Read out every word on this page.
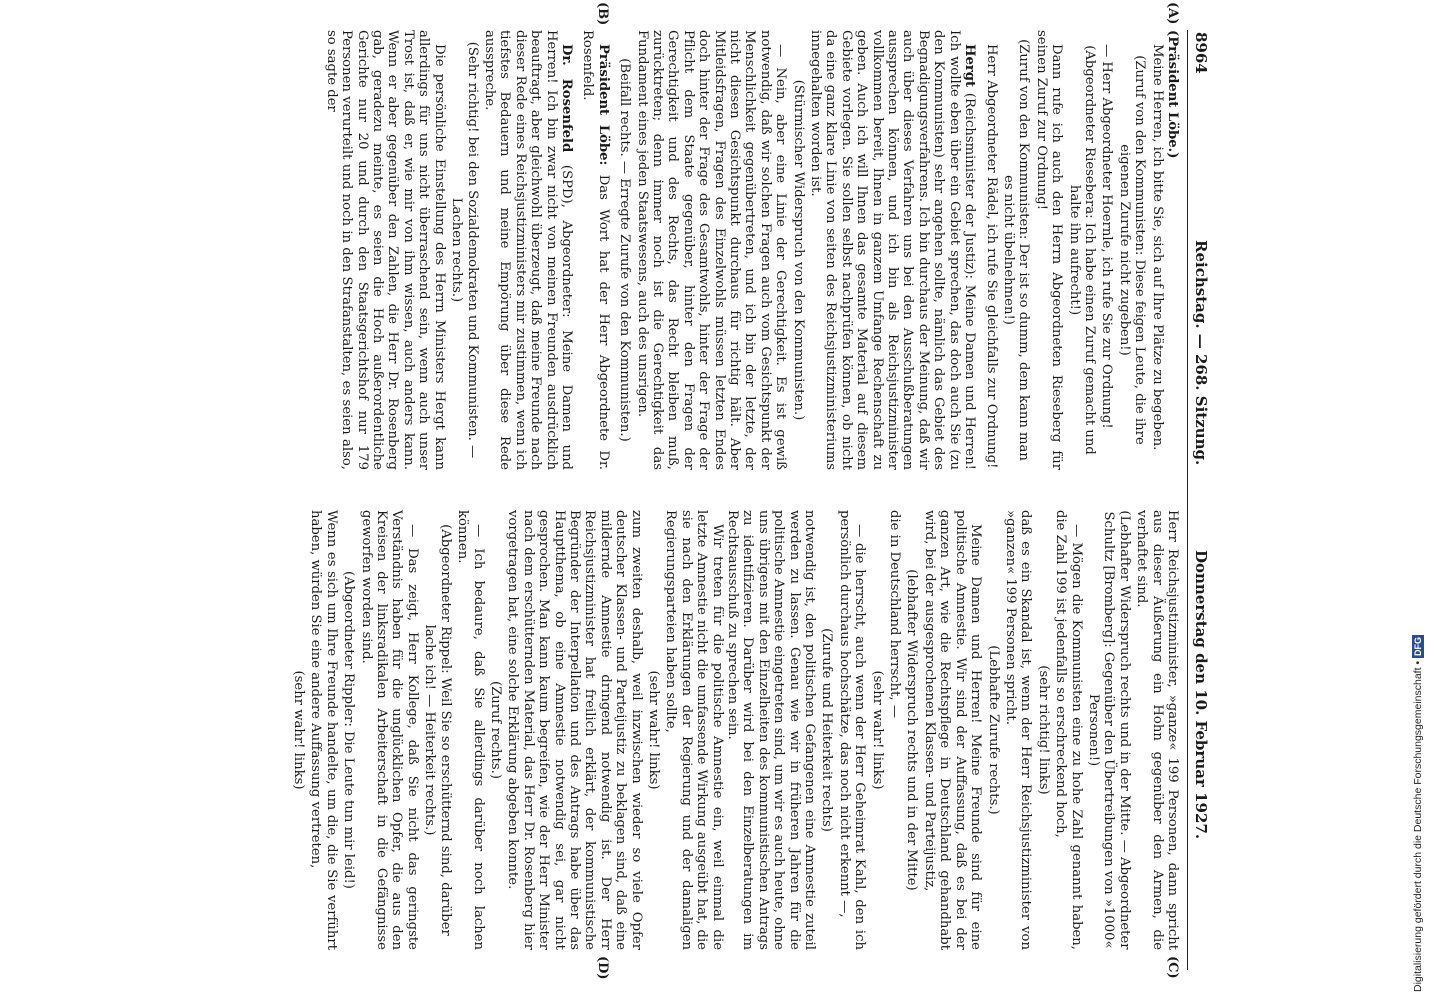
8964
Reichstag. — 268. Sitzung.
Donnerstag den 10. Februar 1927.
(A)
(B)
(C)
(D)

(Präsident Löbe.)

Meine Herren, ich bitte Sie, sich auf Ihre Plätze zu begeben.

(Zuruf von den Kommunisten: Diese feigen Leute, die ihre eigenen Zurufe nicht zugeben!)

— Herr Abgeordneter Hoernle, ich rufe Sie zur Ordnung!

(Abgeordneter Riesebera: Ich habe einen Zuruf gemacht und halte ihn aufrecht!)

Dann rufe ich auch den Herrn Abgeordneten Rieseberg für seinen Zuruf zur Ordnung!

(Zuruf von den Kommunisten: Der ist so dumm, dem kann man es nicht übelnehmen!)

Herr Abgeordneter Rädel, ich rufe Sie gleichfalls zur Ordnung!

Hergt (Reichsminister der Justiz): Meine Damen und Herren! Ich wollte eben über ein Gebiet sprechen, das doch auch Sie (zu den Kommunisten) sehr angehen sollte, nämlich das Gebiet des Begnadigungsverfahrens. Ich bin durchaus der Meinung, daß wir auch über dieses Verfahren uns bei den Ausschußberatungen aussprechen können, und ich bin als Reichsjustizminister vollkommen bereit, Ihnen in ganzem Umfange Rechenschaft zu geben. Auch ich will Ihnen das gesamte Material auf diesem Gebiete vorlegen. Sie sollen selbst nachprüfen können, ob nicht da eine ganz klare Linie von seiten des Reichsjustizministeriums innegehalten worden ist.

(Stürmischer Widerspruch von den Kommunisten.)

— Nein, aber eine Linie der Gerechtigkeit. Es ist gewiß notwendig, daß wir solchen Fragen auch vom Gesichtspunkt der Menschlichkeit gegenübertreten, und ich bin der letzte, der nicht diesen Gesichtspunkt durchaus für richtig hält. Aber Mitleidsfragen, Fragen des Einzelwohls müssen letzten Endes doch hinter der Frage des Gesamtwohls, hinter der Frage der Pflicht dem Staate gegenüber, hinter den Fragen der Gerechtigkeit und des Rechts, das Recht bleiben muß, zurücktreten; denn immer noch ist die Gerechtigkeit das Fundament eines jeden Staatswesens, auch des unsrigen.

(Beifall rechts. — Erregte Zurufe von den Kommunisten.)

Präsident Löbe: Das Wort hat der Herr Abgeordnete Dr. Rosenfeld.

Dr. Rosenfeld (SPD), Abgeordneter: Meine Damen und Herren! Ich bin zwar nicht von meinen Freunden ausdrücklich beauftragt, aber gleichwohl überzeugt, daß meine Freunde nach dieser Rede eines Reichsjustizministers mir zustimmen, wenn ich tiefstes Bedauern und meine Empörung über diese Rede ausspreche.

(Sehr richtig! bei den Sozialdemokraten und Kommunisten. — Lachen rechts.)

Die persönliche Einstellung des Herrn Ministers Hergt kann allerdings für uns nicht überraschend sein, wenn auch unser Trost ist, daß er, wie mir von ihm wissen, auch anders kann. Wenn er aber gegenüber den Zahlen, die Herr Dr. Rosenberg gab, geradezu meinte, es seien die Hoch außerordentliche Gerichte nur 20 und durch den Staatsgerichtshof nur 179 Personen verurteilt und noch in den Strafanstalten, es seien also, so sagte der

Herr Reichsjustizminister, »ganze« 199 Personen, dann spricht aus dieser Äußerung ein Hohn gegenüber den Armen, die verhaftet sind.

(Lebhafter Widerspruch rechts und in der Mitte. — Abgeordneter Schultz [Bromberg]: Gegenüber den Übertreibungen von »1000« Personen!)

— Mögen die Kommunisten eine zu hohe Zahl genannt haben, die Zahl 199 ist jedenfalls so erschreckend hoch,

(sehr richtig! links)

daß es ein Skandal ist, wenn der Herr Reichsjustizminister von »ganzen« 199 Personen spricht.

(Lebhafte Zurufe rechts.)

Meine Damen und Herren! Meine Freunde sind für eine politische Amnestie. Wir sind der Auffassung, daß es bei der ganzen Art, wie die Rechtspflege in Deutschland gehandhabt wird, bei der ausgesprochenen Klassen- und Parteijustiz,

(lebhafter Widerspruch rechts und in der Mitte)

die in Deutschland herrscht, —

(sehr wahr! links)

— die herrscht, auch wenn der Herr Geheimrat Kahl, den ich persönlich durchaus hochschätze, das noch nicht erkennt —,

(Zurufe und Heiterkeit rechts)

notwendig ist, den politischen Gefangenen eine Amnestie zuteil werden zu lassen. Genau wie wir in früheren Jahren für die politische Amnestie eingetreten sind, um wir es auch heute, ohne uns übrigens mit den Einzelheiten des kommunistischen Antrags zu identifizieren. Darüber wird bei den Einzelberatungen im Rechtsausschuß zu sprechen sein.

Wir treten für die politische Amnestie ein, weil einmal die letzte Amnestie nicht die umfassende Wirkung ausgeübt hat, die sie nach den Erklärungen der Regierung und der damaligen Regierungsparteien haben sollte,

(sehr wahr! links)

zum zweiten deshalb, weil inzwischen wieder so viele Opfer deutscher Klassen- und Parteijustiz zu beklagen sind, daß eine mildernde Amnestie dringend notwendig ist. Der Herr Reichsjustizminister hat freilich erklärt, der kommunistische Begründer der Interpellation und des Antrags habe über das Hauptthema, ob eine Amnestie notwendig sei, gar nicht gesprochen. Man kann kaum begreifen, wie der Herr Minister nach dem erschütternden Material, das Herr Dr. Rosenberg hier vorgetragen hat, eine solche Erklärung abgeben konnte.

(Zuruf rechts.)

— Ich bedaure, daß Sie allerdings darüber noch lachen können.

(Abgeordneter Rippel: Weil Sie so erschütternd sind, darüber lache ich! — Heiterkeit rechts.)

— Das zeigt, Herr Kollege, daß Sie nicht das geringste Verständnis haben für die unglücklichen Opfer, die aus den Kreisen der linksradikalen Arbeiterschaft in die Gefängnisse geworfen worden sind.

(Abgeordneter Rippler: Die Leute tun mir leid!)

Wenn es sich um Ihre Freunde handelte, um die, die Sie verführt haben, würden Sie eine andere Auffassung vertreten,

(sehr wahr! links)	Digitalisierung gefördert durch die Deutsche Forschungsgemeinschaft • DFG
